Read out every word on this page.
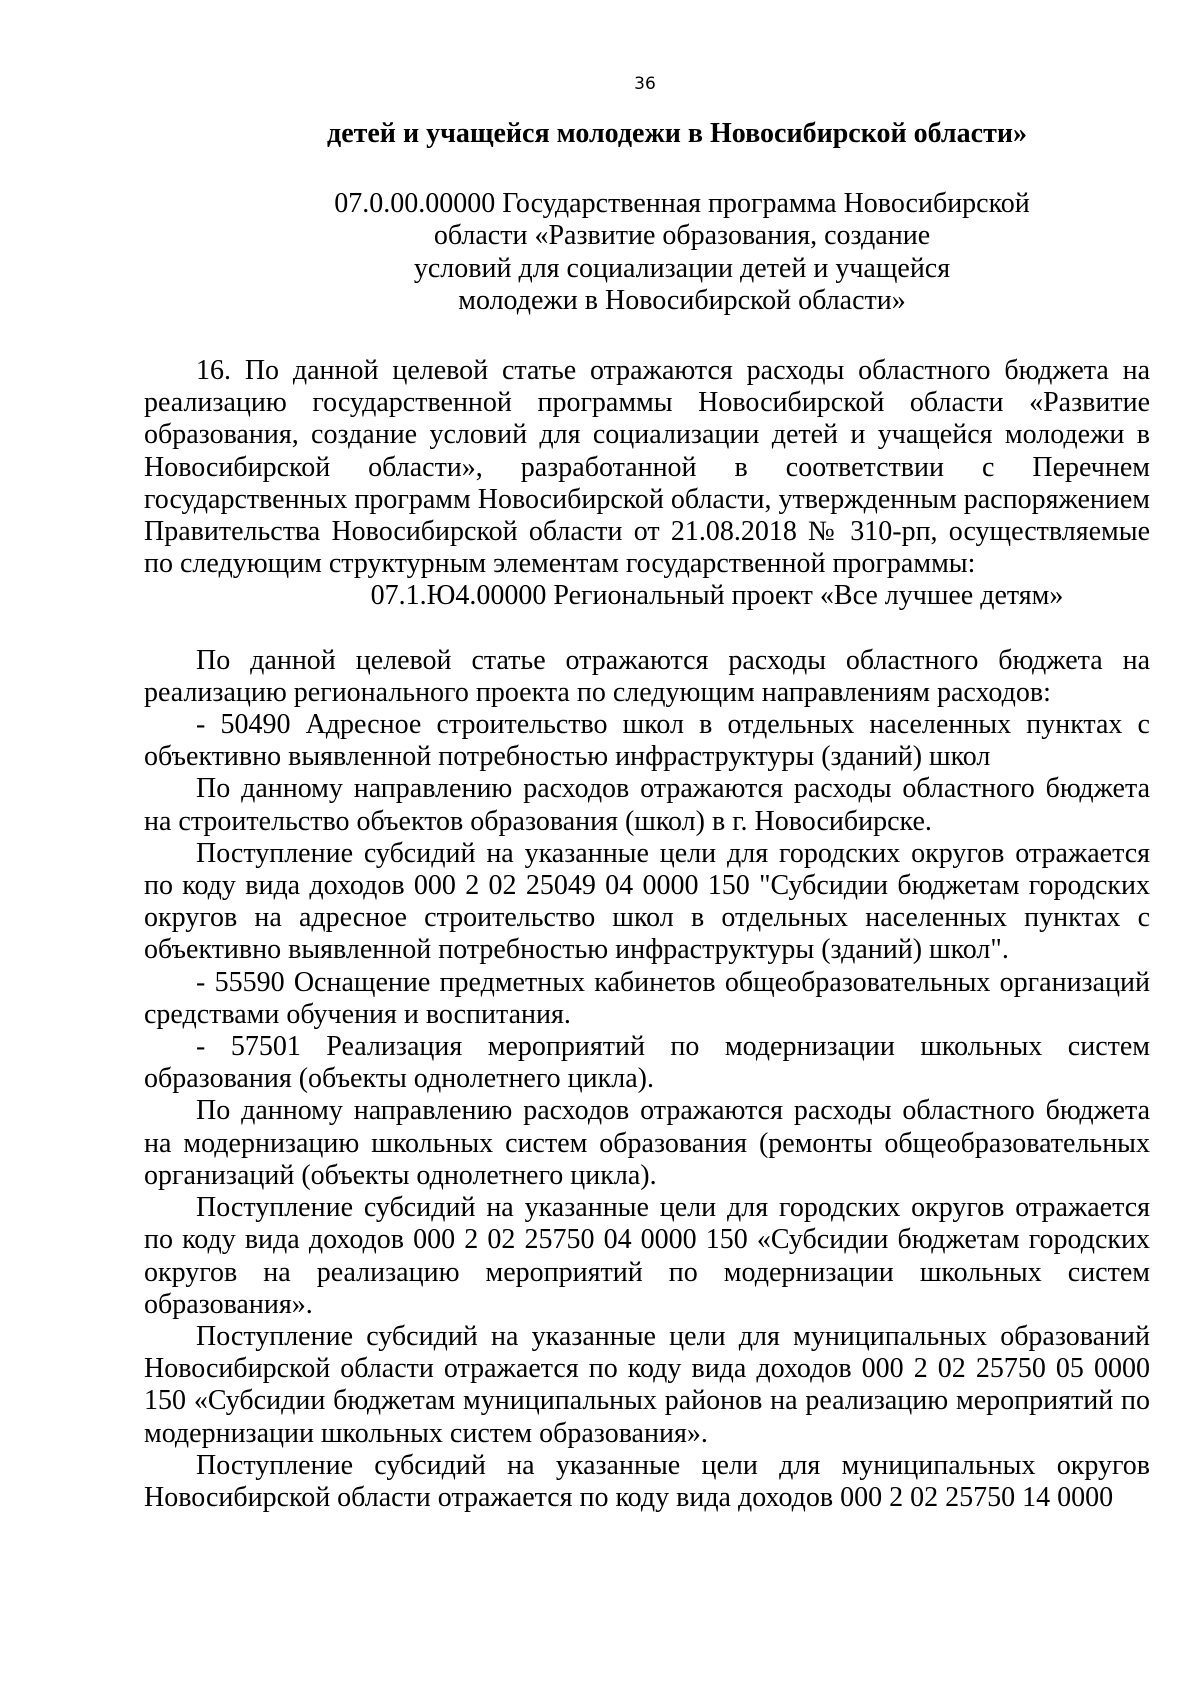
36

детей и учащейся молодежи в Новосибирской области»

07.0.00.00000 Государственная программа Новосибирской
области «Развитие образования, создание
условий для социализации детей и учащейся
молодежи в Новосибирской области»

16. По данной целевой статье отражаются расходы областного бюджета на реализацию государственной программы Новосибирской области «Развитие образования, создание условий для социализации детей и учащейся молодежи в Новосибирской области», разработанной в соответствии с Перечнем государственных программ Новосибирской области, утвержденным распоряжением Правительства Новосибирской области от 21.08.2018 № 310-рп, осуществляемые по следующим структурным элементам государственной программы:

07.1.Ю4.00000 Региональный проект «Все лучшее детям»

По данной целевой статье отражаются расходы областного бюджета на реализацию регионального проекта по следующим направлениям расходов:

- 50490 Адресное строительство школ в отдельных населенных пунктах с объективно выявленной потребностью инфраструктуры (зданий) школ

По данному направлению расходов отражаются расходы областного бюджета на строительство объектов образования (школ) в г. Новосибирске.

Поступление субсидий на указанные цели для городских округов отражается по коду вида доходов 000 2 02 25049 04 0000 150 "Субсидии бюджетам городских округов на адресное строительство школ в отдельных населенных пунктах с объективно выявленной потребностью инфраструктуры (зданий) школ".

- 55590 Оснащение предметных кабинетов общеобразовательных организаций средствами обучения и воспитания.

- 57501 Реализация мероприятий по модернизации школьных систем образования (объекты однолетнего цикла).

По данному направлению расходов отражаются расходы областного бюджета на модернизацию школьных систем образования (ремонты общеобразовательных организаций (объекты однолетнего цикла).

Поступление субсидий на указанные цели для городских округов отражается по коду вида доходов 000 2 02 25750 04 0000 150 «Субсидии бюджетам городских округов на реализацию мероприятий по модернизации школьных систем образования».

Поступление субсидий на указанные цели для муниципальных образований Новосибирской области отражается по коду вида доходов 000 2 02 25750 05 0000 150 «Субсидии бюджетам муниципальных районов на реализацию мероприятий по модернизации школьных систем образования».

Поступление субсидий на указанные цели для муниципальных округов Новосибирской области отражается по коду вида доходов 000 2 02 25750 14 0000
